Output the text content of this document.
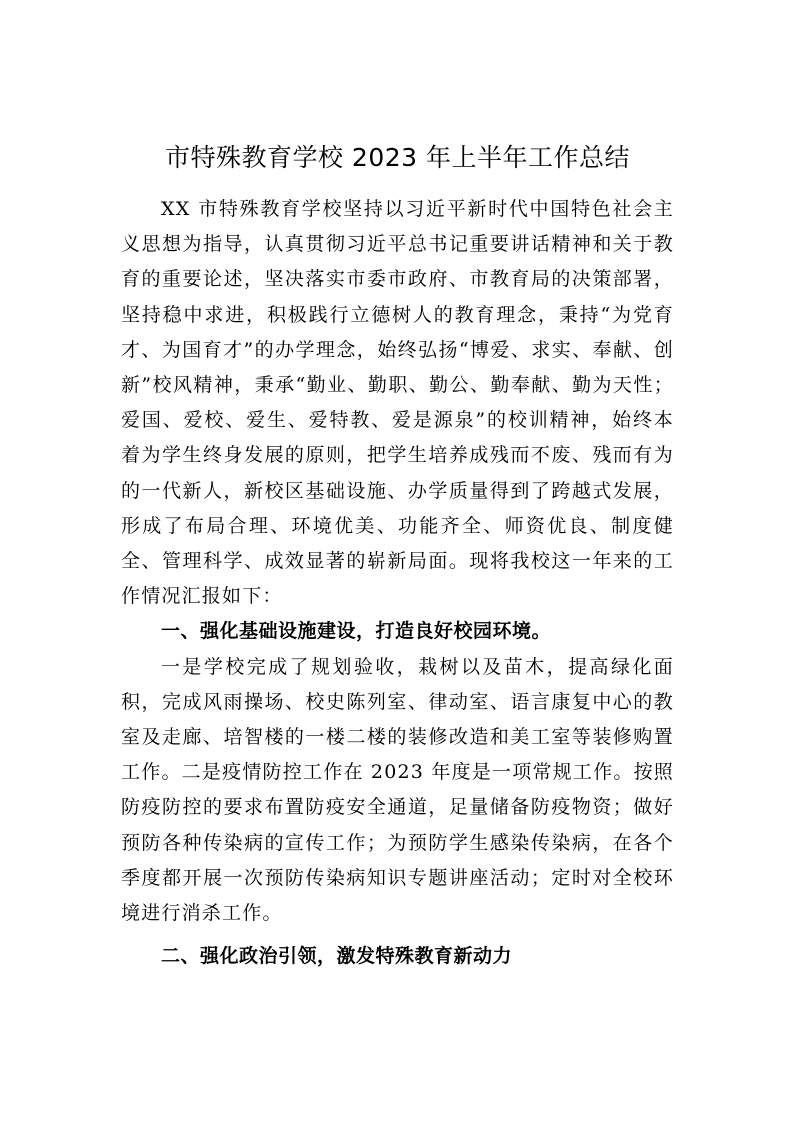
市特殊教育学校 2023 年上半年工作总结

XX 市特殊教育学校坚持以习近平新时代中国特色社会主义思想为指导，认真贯彻习近平总书记重要讲话精神和关于教育的重要论述，坚决落实市委市政府、市教育局的决策部署，坚持稳中求进，积极践行立德树人的教育理念，秉持“为党育才、为国育才”的办学理念，始终弘扬“博爱、求实、奉献、创新”校风精神，秉承“勤业、勤职、勤公、勤奉献、勤为天性；爱国、爱校、爱生、爱特教、爱是源泉”的校训精神，始终本着为学生终身发展的原则，把学生培养成残而不废、残而有为的一代新人，新校区基础设施、办学质量得到了跨越式发展，形成了布局合理、环境优美、功能齐全、师资优良、制度健全、管理科学、成效显著的崭新局面。现将我校这一年来的工作情况汇报如下：

一、强化基础设施建设，打造良好校园环境。

一是学校完成了规划验收，栽树以及苗木，提高绿化面积，完成风雨操场、校史陈列室、律动室、语言康复中心的教室及走廊、培智楼的一楼二楼的装修改造和美工室等装修购置工作。二是疫情防控工作在 2023 年度是一项常规工作。按照防疫防控的要求布置防疫安全通道，足量储备防疫物资；做好预防各种传染病的宣传工作；为预防学生感染传染病，在各个季度都开展一次预防传染病知识专题讲座活动；定时对全校环境进行消杀工作。

二、强化政治引领，激发特殊教育新动力
